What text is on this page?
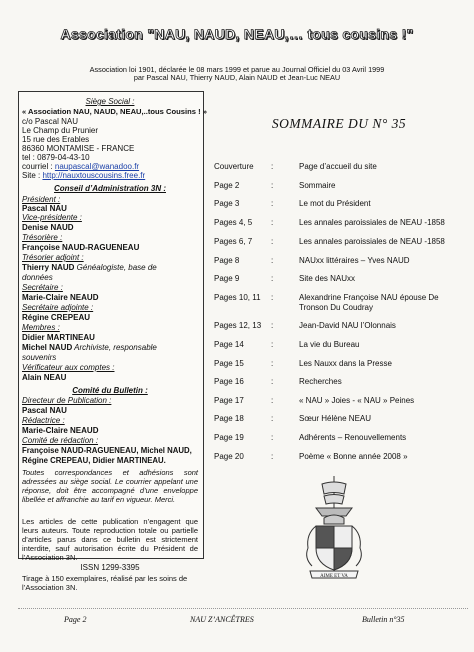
Association "NAU, NAUD, NEAU,… tous cousins !"
Association loi 1901, déclarée le 08 mars 1999 et parue au Journal Officiel du 03 Avril 1999
par Pascal NAU, Thierry NAUD, Alain NAUD et Jean-Luc NEAU
Siège Social :
« Association NAU, NAUD, NEAU,..tous Cousins ! »
c/o Pascal NAU
Le Champ du Prunier
15 rue des Erables
86360 MONTAMISE - FRANCE
tel : 0879-04-43-10
courriel : naupascal@wanadoo.fr
Site : http://nauxtouscousins.free.fr
Conseil d’Administration 3N :
Président :
Pascal NAU
Vice-présidente :
Denise NAUD
Trésorière :
Françoise NAUD-RAGUENEAU
Trésorier adjoint :
Thierry NAUD Généalogiste, base de
données
Secrétaire :
Marie-Claire NEAUD
Secrétaire adjointe :
Régine CREPEAU
Membres :
Didier MARTINEAU
Michel NAUD Archiviste, responsable
souvenirs
Vérificateur aux comptes :
Alain NEAU
Comité du Bulletin :
Directeur de Publication :
Pascal NAU
Rédactrice :
Marie-Claire NEAUD
Comité de rédaction :
Françoise NAUD-RAGUENEAU, Michel NAUD,
Régine CREPEAU, Didier MARTINEAU.
Toutes correspondances et adhésions sont adressées au siège social. Le courrier appelant une réponse, doit être accompagné d’une enveloppe libellée et affranchie au tarif en vigueur. Merci.
Les articles de cette publication n’engagent que leurs auteurs. Toute reproduction totale ou partielle d’articles parus dans ce bulletin est strictement interdite, sauf autorisation écrite du Président de l’Association 3N.
ISSN 1299-3395
Tirage à 150 exemplaires, réalisé par les soins de l’Association 3N.
SOMMAIRE DU N° 35
Couverture :	Page d’accueil du site
Page 2	:	Sommaire
Page 3	:	Le mot du Président
Pages 4, 5 :	Les annales paroissiales de NEAU -1858
Pages 6, 7 :	Les annales paroissiales de NEAU -1858
Page 8	:	NAUxx littéraires – Yves NAUD
Page 9	:	Site des NAUxx
Pages 10, 11 :	Alexandrine Françoise NAU épouse De Tronson Du Coudray
Pages 12, 13 :	Jean-David NAU l’Olonnais
Page 14	:	La vie du Bureau
Page 15	:	Les Nauxx dans la Presse
Page 16	:	Recherches
Page 17	:	« NAU » Joies - « NAU » Peines
Page 18	:	Sœur Hélène NEAU
Page 19	:	Adhérents – Renouvellements
Page 20	:	Poème « Bonne année 2008 »
AIME ET VA
Page 2	NAU Z’ANCÊTRES	Bulletin n°35
